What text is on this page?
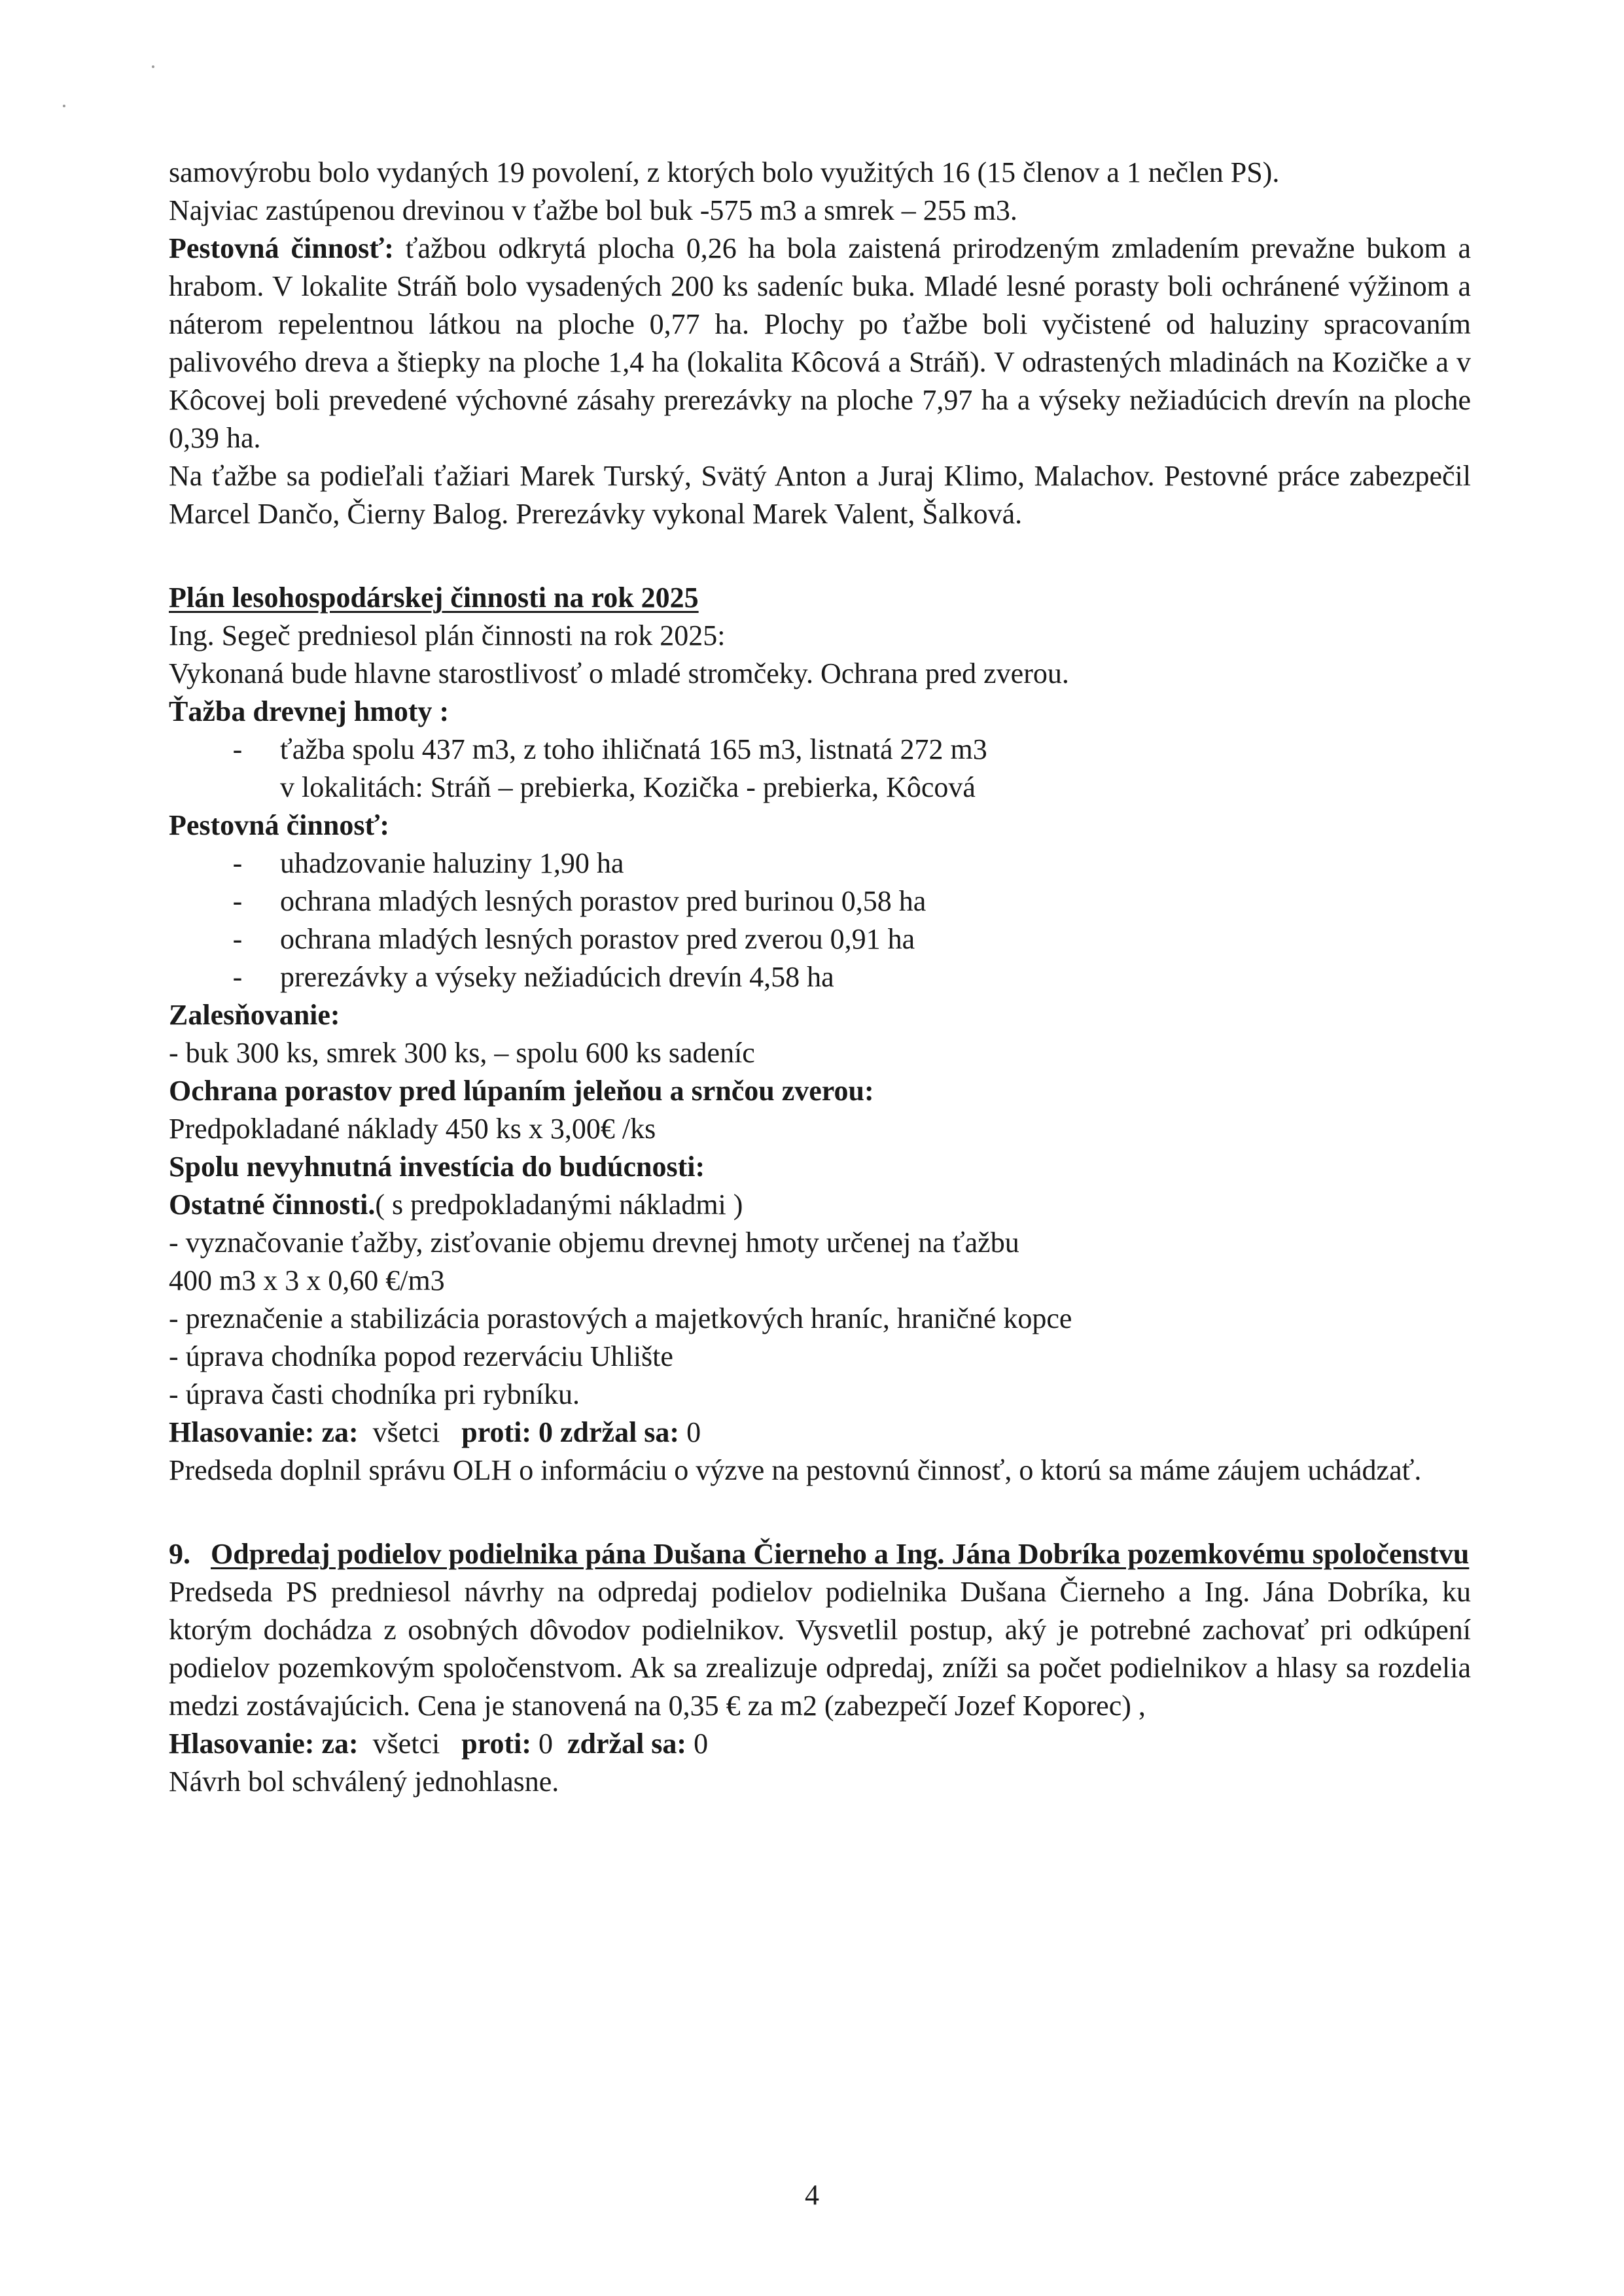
samovýrobu bolo vydaných 19 povolení, z ktorých bolo využitých 16 (15 členov a 1 nečlen PS).

Najviac zastúpenou drevinou v ťažbe bol buk -575 m3 a smrek – 255 m3.

Pestovná činnosť: ťažbou odkrytá plocha 0,26 ha bola zaistená prirodzeným zmladením prevažne bukom a hrabom. V lokalite Stráň bolo vysadených 200 ks sadeníc buka. Mladé lesné porasty boli ochránené výžinom a náterom repelentnou látkou na ploche 0,77 ha. Plochy po ťažbe boli vyčistené od haluziny spracovaním palivového dreva a štiepky na ploche 1,4 ha (lokalita Kôcová a Stráň). V odrastených mladinách na Kozičke a v Kôcovej boli prevedené výchovné zásahy prerezávky na ploche 7,97 ha a výseky nežiadúcich drevín na ploche 0,39 ha.

Na ťažbe sa podieľali ťažiari Marek Turský, Svätý Anton a Juraj Klimo, Malachov. Pestovné práce zabezpečil Marcel Dančo, Čierny Balog. Prerezávky vykonal Marek Valent, Šalková.

Plán lesohospodárskej činnosti na rok 2025

Ing. Segeč predniesol plán činnosti na rok 2025:

Vykonaná bude hlavne starostlivosť o mladé stromčeky. Ochrana pred zverou.

Ťažba drevnej hmoty :

-	ťažba spolu 437 m3, z toho ihličnatá 165 m3, listnatá 272 m3

v lokalitách: Stráň – prebierka, Kozička - prebierka, Kôcová

Pestovná činnosť:

-	uhadzovanie haluziny 1,90 ha
-	ochrana mladých lesných porastov pred burinou 0,58 ha
-	ochrana mladých lesných porastov pred zverou 0,91 ha
-	prerezávky a výseky nežiadúcich drevín 4,58 ha

Zalesňovanie:

- buk 300 ks, smrek 300 ks, – spolu 600 ks sadeníc

Ochrana porastov pred lúpaním jeleňou a srnčou zverou:

Predpokladané náklady 450 ks x 3,00€ /ks

Spolu nevyhnutná investícia do budúcnosti:

Ostatné činnosti.( s predpokladanými nákladmi )

- vyznačovanie ťažby, zisťovanie objemu drevnej hmoty určenej na ťažbu

400 m3 x 3 x 0,60 €/m3

- preznačenie a stabilizácia porastových a majetkových hraníc, hraničné kopce

- úprava chodníka popod rezerváciu Uhlište

- úprava časti chodníka pri rybníku.

Hlasovanie: za: všetci proti: 0 zdržal sa: 0

Predseda doplnil správu OLH o informáciu o výzve na pestovnú činnosť, o ktorú sa máme záujem uchádzať.

9. Odpredaj podielov podielnika pána Dušana Čierneho a Ing. Jána Dobríka pozemkovému spoločenstvu

Predseda PS predniesol návrhy na odpredaj podielov podielnika Dušana Čierneho a Ing. Jána Dobríka, ku ktorým dochádza z osobných dôvodov podielnikov. Vysvetlil postup, aký je potrebné zachovať pri odkúpení podielov pozemkovým spoločenstvom. Ak sa zrealizuje odpredaj, zníži sa počet podielnikov a hlasy sa rozdelia medzi zostávajúcich. Cena je stanovená na 0,35 € za m2 (zabezpečí Jozef Koporec) ,

Hlasovanie: za: všetci proti: 0 zdržal sa: 0

Návrh bol schválený jednohlasne.

4
